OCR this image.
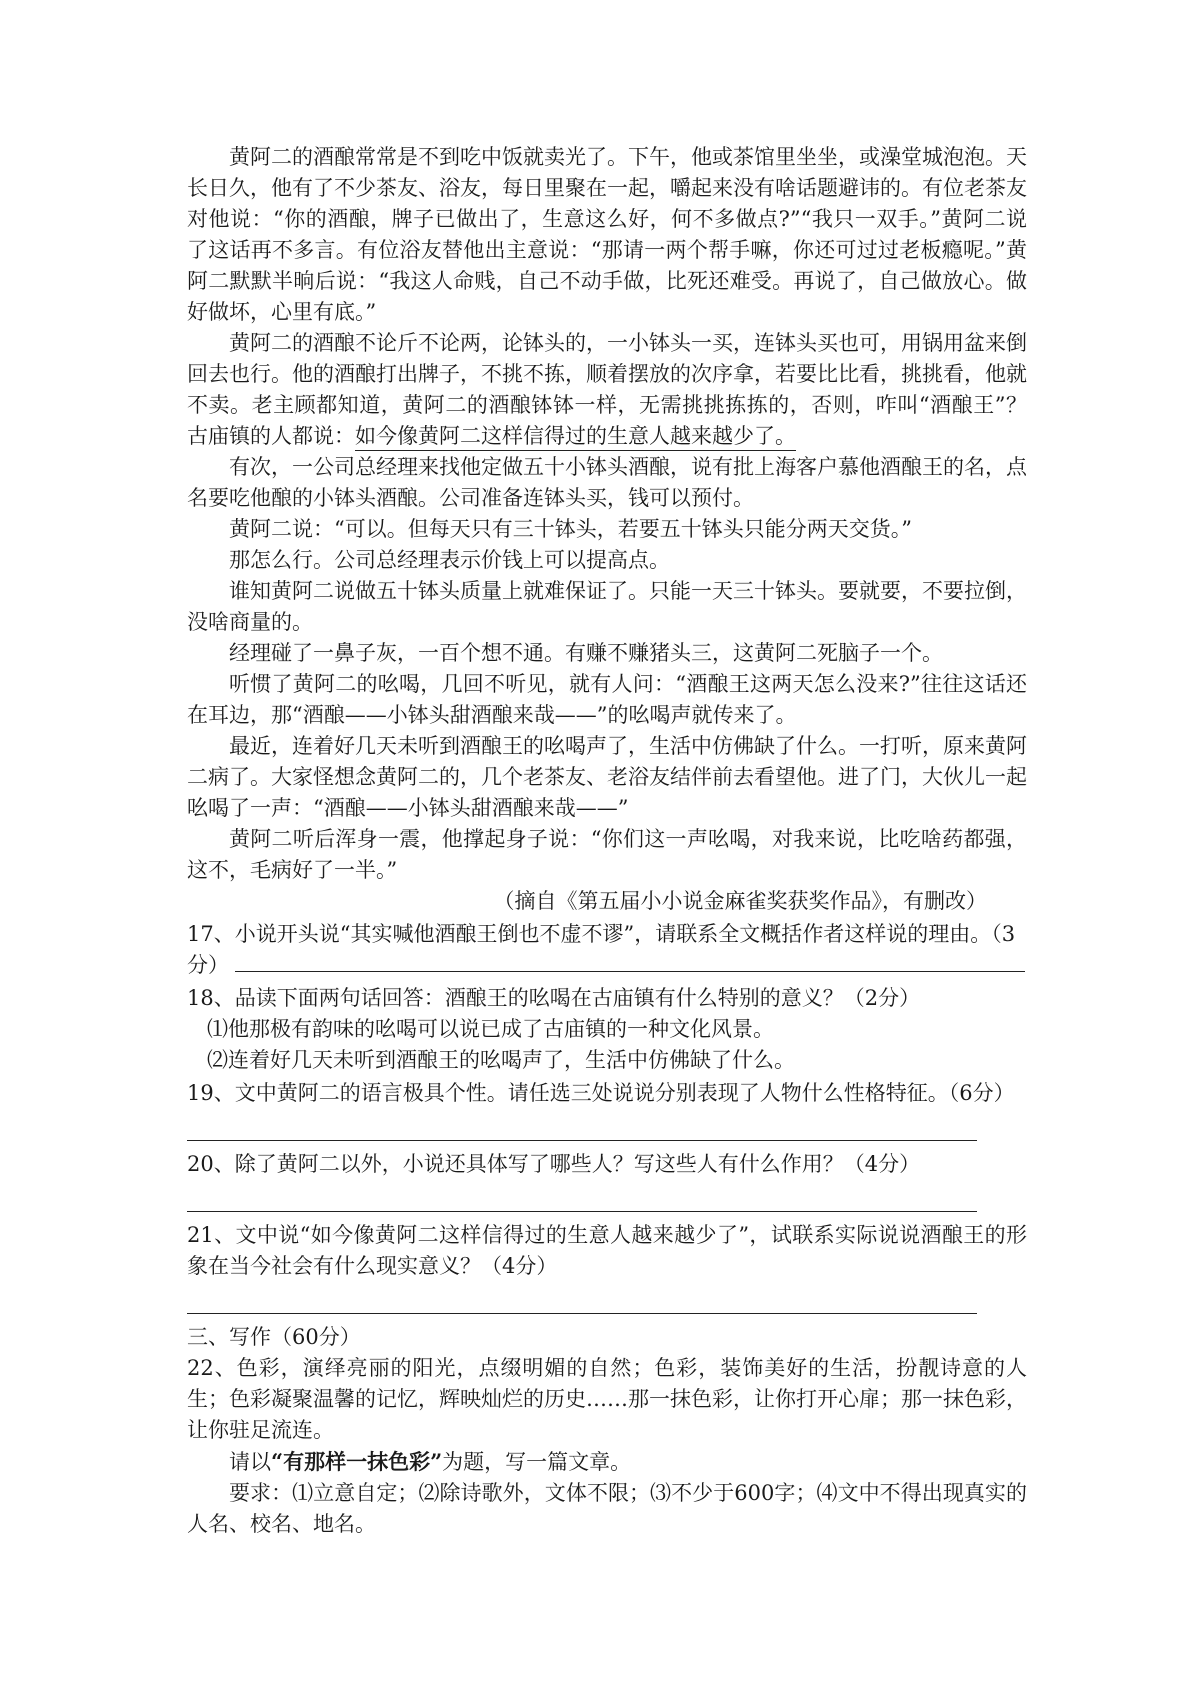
黄阿二的酒酿常常是不到吃中饭就卖光了。下午，他或茶馆里坐坐，或澡堂城泡泡。天长日久，他有了不少茶友、浴友，每日里聚在一起，嚼起来没有啥话题避讳的。有位老茶友对他说：“你的酒酿，牌子已做出了，生意这么好，何不多做点?”“我只一双手。”黄阿二说了这话再不多言。有位浴友替他出主意说：“那请一两个帮手嘛，你还可过过老板瘾呢。”黄阿二默默半晌后说：“我这人命贱，自己不动手做，比死还难受。再说了，自己做放心。做好做坏，心里有底。”

黄阿二的酒酿不论斤不论两，论钵头的，一小钵头一买，连钵头买也可，用锅用盆来倒回去也行。他的酒酿打出牌子，不挑不拣，顺着摆放的次序拿，若要比比看，挑挑看，他就不卖。老主顾都知道，黄阿二的酒酿钵钵一样，无需挑挑拣拣的，否则，咋叫“酒酿王”？古庙镇的人都说：如今像黄阿二这样信得过的生意人越来越少了。

有次，一公司总经理来找他定做五十小钵头酒酿，说有批上海客户慕他酒酿王的名，点名要吃他酿的小钵头酒酿。公司准备连钵头买，钱可以预付。

黄阿二说：“可以。但每天只有三十钵头，若要五十钵头只能分两天交货。”

那怎么行。公司总经理表示价钱上可以提高点。

谁知黄阿二说做五十钵头质量上就难保证了。只能一天三十钵头。要就要，不要拉倒，没啥商量的。

经理碰了一鼻子灰，一百个想不通。有赚不赚猪头三，这黄阿二死脑子一个。

听惯了黄阿二的吆喝，几回不听见，就有人问：“酒酿王这两天怎么没来?”往往这话还在耳边，那“酒酿——小钵头甜酒酿来哉——”的吆喝声就传来了。

最近，连着好几天未听到酒酿王的吆喝声了，生活中仿佛缺了什么。一打听，原来黄阿二病了。大家怪想念黄阿二的，几个老茶友、老浴友结伴前去看望他。进了门，大伙儿一起吆喝了一声：“酒酿——小钵头甜酒酿来哉——”

黄阿二听后浑身一震，他撑起身子说：“你们这一声吆喝，对我来说，比吃啥药都强，这不，毛病好了一半。”

（摘自《第五届小小说金麻雀奖获奖作品》，有删改）

17、小说开头说“其实喊他酒酿王倒也不虚不谬”，请联系全文概括作者这样说的理由。（3

分）

18、品读下面两句话回答：酒酿王的吆喝在古庙镇有什么特别的意义？（2分）

⑴他那极有韵味的吆喝可以说已成了古庙镇的一种文化风景。

⑵连着好几天未听到酒酿王的吆喝声了，生活中仿佛缺了什么。

19、文中黄阿二的语言极具个性。请任选三处说说分别表现了人物什么性格特征。（6分）

20、除了黄阿二以外，小说还具体写了哪些人？写这些人有什么作用？（4分）

21、文中说“如今像黄阿二这样信得过的生意人越来越少了”，试联系实际说说酒酿王的形象在当今社会有什么现实意义？（4分）

三、写作（60分）

22、色彩，演绎亮丽的阳光，点缀明媚的自然；色彩，装饰美好的生活，扮靓诗意的人生；色彩凝聚温馨的记忆，辉映灿烂的历史……那一抹色彩，让你打开心扉；那一抹色彩，让你驻足流连。

请以“有那样一抹色彩”为题，写一篇文章。

要求：⑴立意自定；⑵除诗歌外，文体不限；⑶不少于600字；⑷文中不得出现真实的人名、校名、地名。
